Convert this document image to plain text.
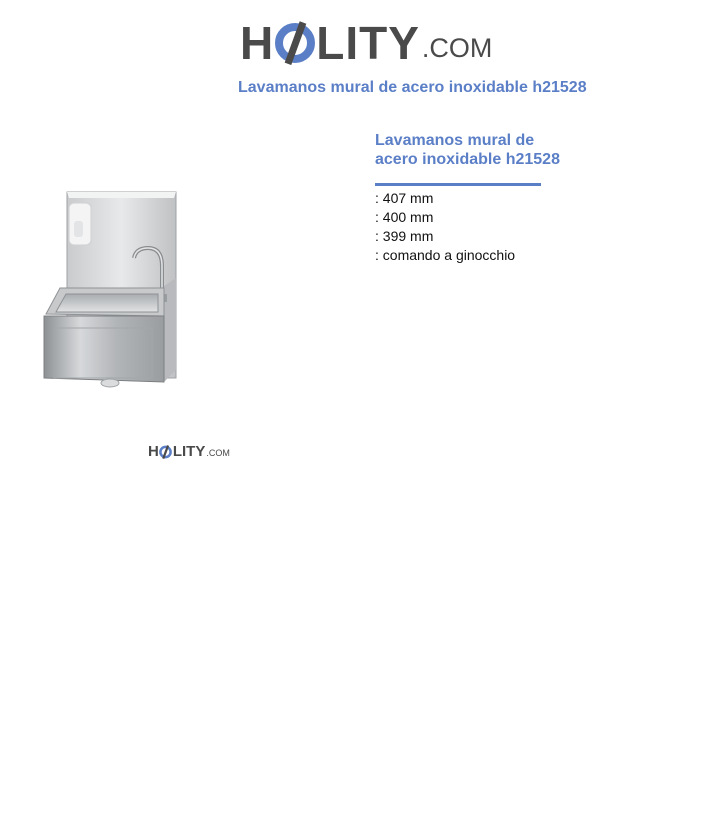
H LITY .COM
Lavamanos mural de acero inoxidable h21528
H LITY .COM
Lavamanos mural de acero inoxidable h21528
: 407 mm
: 400 mm
: 399 mm
: comando a ginocchio
